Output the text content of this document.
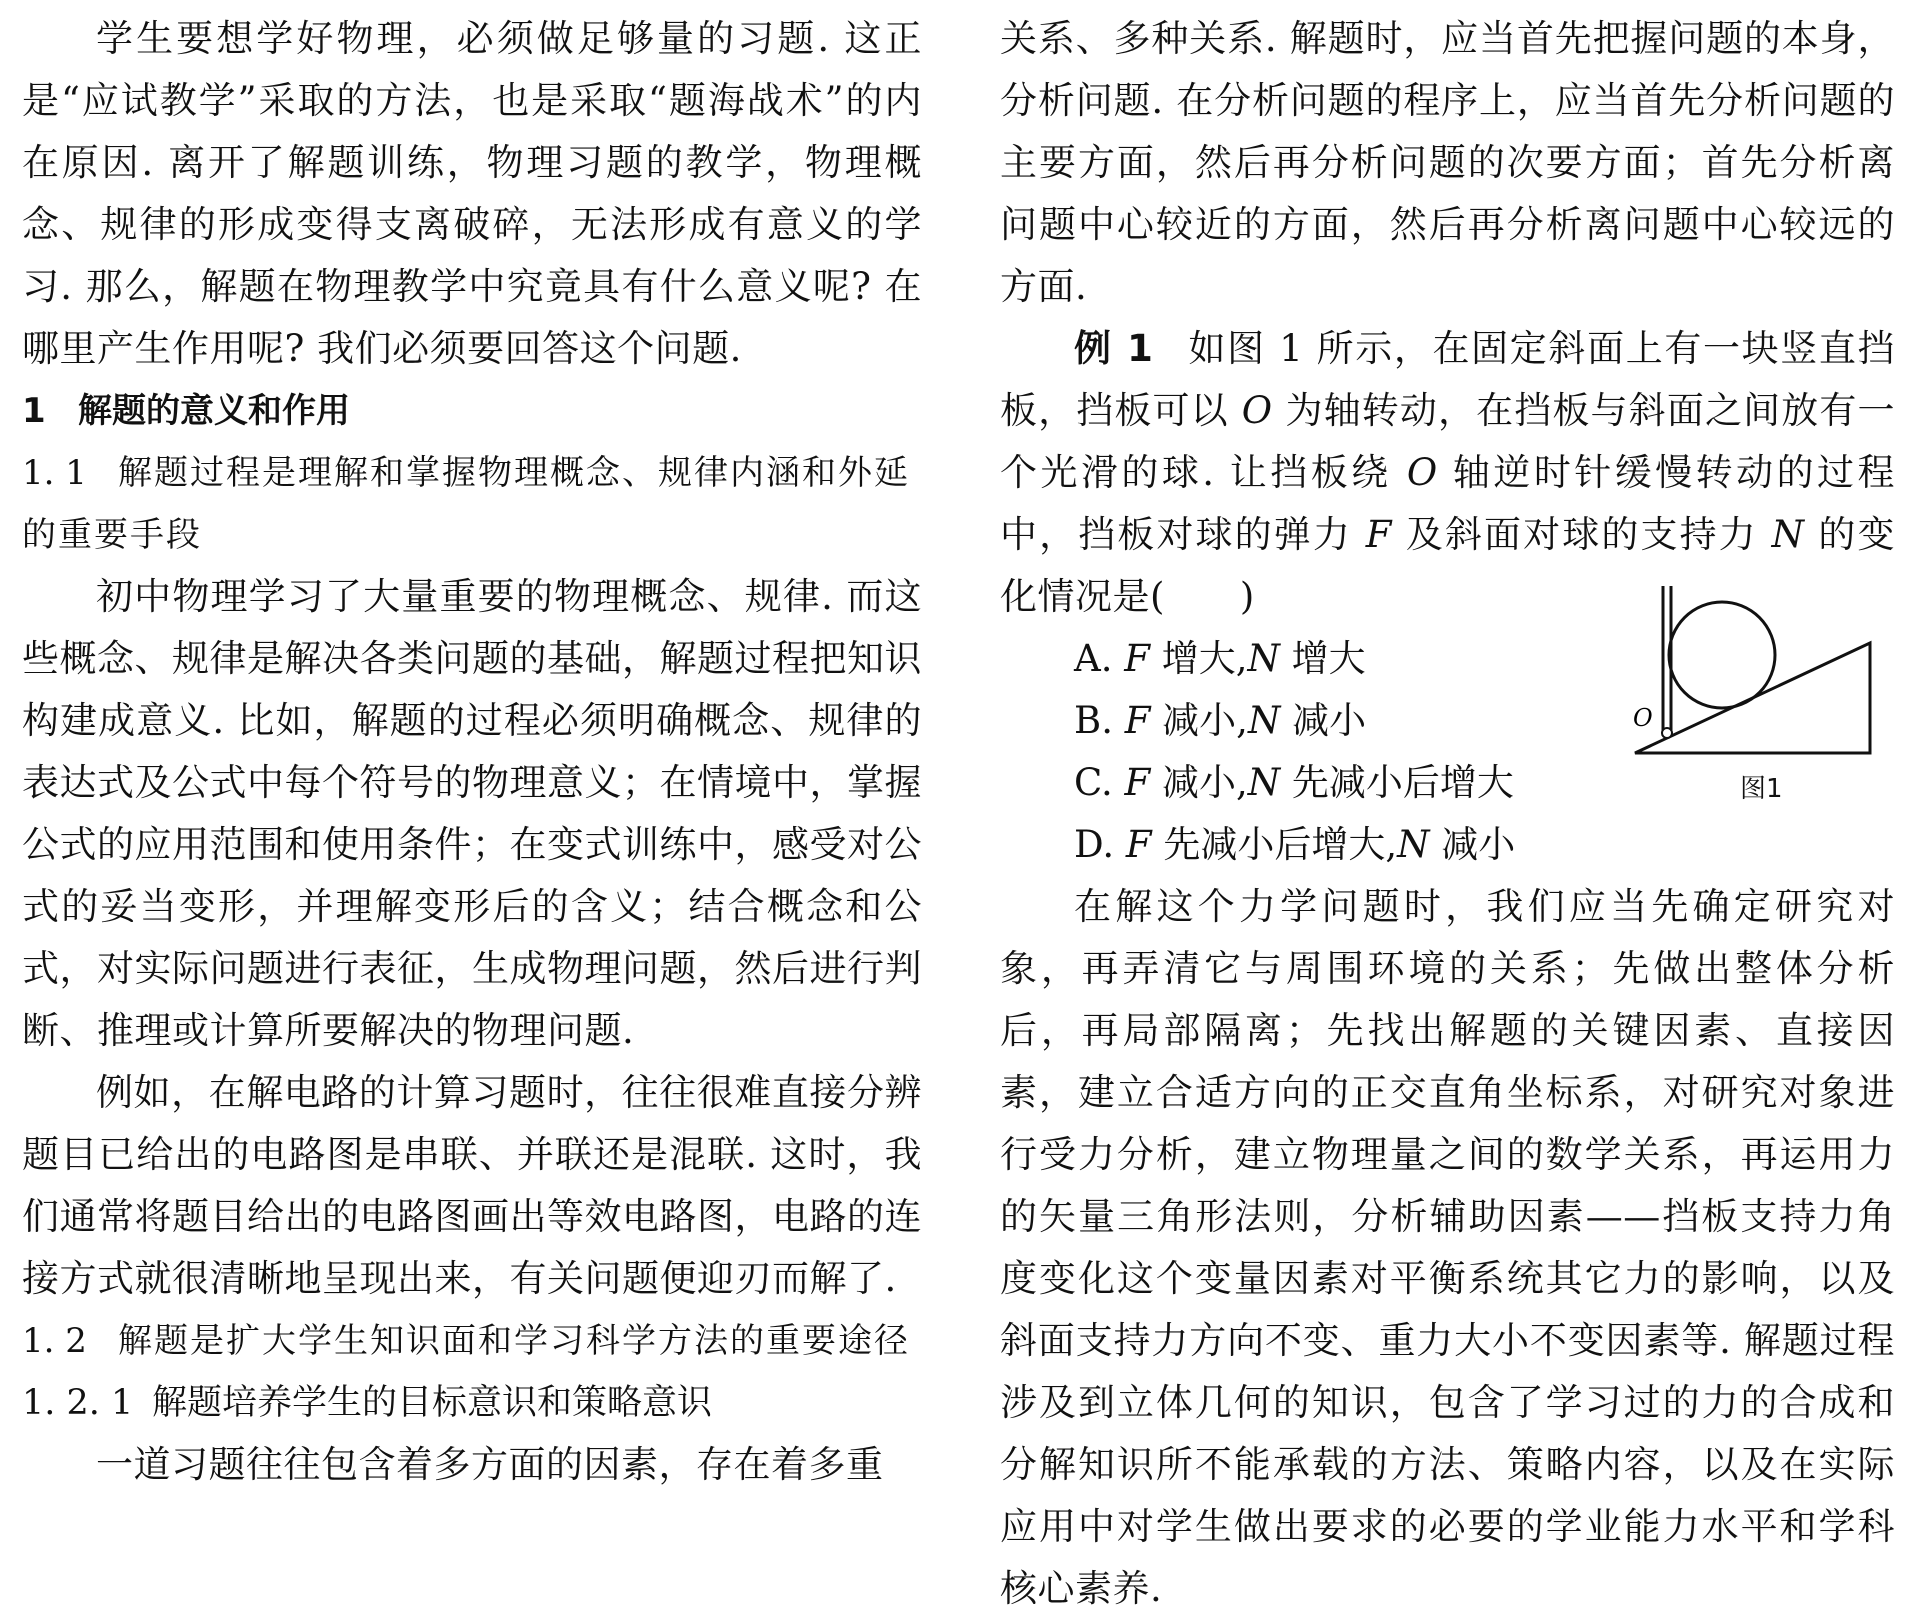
学生要想学好物理，必须做足够量的习题. 这正是“应试教学”采取的方法，也是采取“题海战术”的内在原因. 离开了解题训练，物理习题的教学，物理概念、规律的形成变得支离破碎，无法形成有意义的学习. 那么，解题在物理教学中究竟具有什么意义呢? 在哪里产生作用呢? 我们必须要回答这个问题.

1 解题的意义和作用
1. 1 解题过程是理解和掌握物理概念、规律内涵和外延的重要手段

初中物理学习了大量重要的物理概念、规律. 而这些概念、规律是解决各类问题的基础，解题过程把知识构建成意义. 比如，解题的过程必须明确概念、规律的表达式及公式中每个符号的物理意义；在情境中，掌握公式的应用范围和使用条件；在变式训练中，感受对公式的妥当变形，并理解变形后的含义；结合概念和公式，对实际问题进行表征，生成物理问题，然后进行判断、推理或计算所要解决的物理问题.

例如，在解电路的计算习题时，往往很难直接分辨题目已给出的电路图是串联、并联还是混联. 这时，我们通常将题目给出的电路图画出等效电路图，电路的连接方式就很清晰地呈现出来，有关问题便迎刃而解了.

1. 2 解题是扩大学生知识面和学习科学方法的重要途径
1. 2. 1 解题培养学生的目标意识和策略意识

一道习题往往包含着多方面的因素，存在着多重

关系、多种关系. 解题时，应当首先把握问题的本身，分析问题. 在分析问题的程序上，应当首先分析问题的主要方面，然后再分析问题的次要方面；首先分析离问题中心较近的方面，然后再分析离问题中心较远的方面.

例 1 如图 1 所示，在固定斜面上有一块竖直挡板，挡板可以 O 为轴转动，在挡板与斜面之间放有一个光滑的球. 让挡板绕 O 轴逆时针缓慢转动的过程中，挡板对球的弹力 F 及斜面对球的支持力 N 的变化情况是(　　)

A. F 增大,N 增大
B. F 减小,N 减小
C. F 减小,N 先减小后增大
D. F 先减小后增大,N 减小
O
图1

在解这个力学问题时，我们应当先确定研究对象，再弄清它与周围环境的关系；先做出整体分析后，再局部隔离；先找出解题的关键因素、直接因素，建立合适方向的正交直角坐标系，对研究对象进行受力分析，建立物理量之间的数学关系，再运用力的矢量三角形法则，分析辅助因素——挡板支持力角度变化这个变量因素对平衡系统其它力的影响，以及斜面支持力方向不变、重力大小不变因素等. 解题过程涉及到立体几何的知识，包含了学习过的力的合成和分解知识所不能承载的方法、策略内容，以及在实际应用中对学生做出要求的必要的学业能力水平和学科核心素养.
